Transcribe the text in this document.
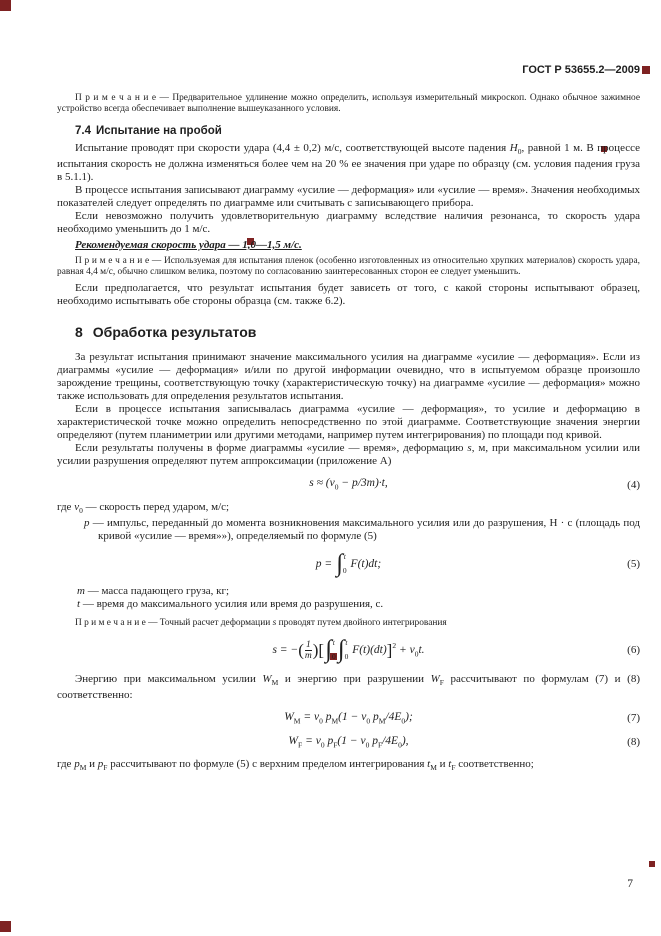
ГОСТ Р 53655.2—2009

П р и м е ч а н и е — Предварительное удлинение можно определить, используя измерительный микроскоп. Однако обычное зажимное устройство всегда обеспечивает выполнение вышеуказанного условия.

7.4 Испытание на пробой

Испытание проводят при скорости удара (4,4 ± 0,2) м/с, соответствующей высоте падения $H_0$, равной 1 м. В процессе испытания скорость не должна изменяться более чем на 20 % ее значения при ударе по образцу (см. условия падения груза в 5.1.1).

В процессе испытания записывают диаграмму «усилие — деформация» или «усилие — время». Значения необходимых показателей следует определять по диаграмме или считывать с записывающего прибора.

Если невозможно получить удовлетворительную диаграмму вследствие наличия резонанса, то скорость удара необходимо уменьшить до 1 м/с.

Рекомендуемая скорость удара — 1,0—1,5 м/с.

П р и м е ч а н и е — Используемая для испытания пленок (особенно изготовленных из относительно хрупких материалов) скорость удара, равная 4,4 м/с, обычно слишком велика, поэтому по согласованию заинтересованных сторон ее следует уменьшить.

Если предполагается, что результат испытания будет зависеть от того, с какой стороны испытывают образец, необходимо испытывать обе стороны образца (см. также 6.2).

8 Обработка результатов

За результат испытания принимают значение максимального усилия на диаграмме «усилие — деформация». Если из диаграммы «усилие — деформация» и/или по другой информации очевидно, что в испытуемом образце произошло зарождение трещины, соответствующую точку (характеристическую точку) на диаграмме «усилие — деформация» можно также использовать для определения результатов испытания.

Если в процессе испытания записывалась диаграмма «усилие — деформация», то усилие и деформацию в характеристической точке можно определить непосредственно по этой диаграмме. Соответствующие значения энергии определяют (путем планиметрии или другими методами, например путем интегрирования) по площади под кривой.

Если результаты получены в форме диаграммы «усилие — время», деформацию s, м, при максимальном усилии или усилии разрушения определяют путем аппроксимации (приложение А)

$s \approx (v_0 - p/3m)\cdot t$,	(4)

где $v_0$ — скорость перед ударом, м/с;

p — импульс, переданный до момента возникновения максимального усилия или до разрушения, Н · с (площадь под кривой «усилие — время»»), определяемый по формуле (5)

p = ∫ t
0
F(t)dt;	(5)

m — масса падающего груза, кг;

t — время до максимального усилия или время до разрушения, с.

П р и м е ч а н и е — Точный расчет деформации s проводят путем двойного интегрирования

s = −( $\frac{1}{m}$ )[ ∫ t
0 ∫ t
0
$F(t)(dt)]^2 + v_0t$.	(6)

Энергию при максимальном усилии $W_M$ и энергию при разрушении $W_F$ рассчитывают по формулам (7) и (8) соответственно:

$W_M = v_0$ $p_M(1 - v_0$ $p_M/4E_0$);	(7)
$W_F = v_0$ $p_F(1 - v_0$ $p_F/4E_0$),	(8)

где $p_M$ и $p_F$ рассчитывают по формуле (5) с верхним пределом интегрирования $t_M$ и $t_F$ соответственно;

7
